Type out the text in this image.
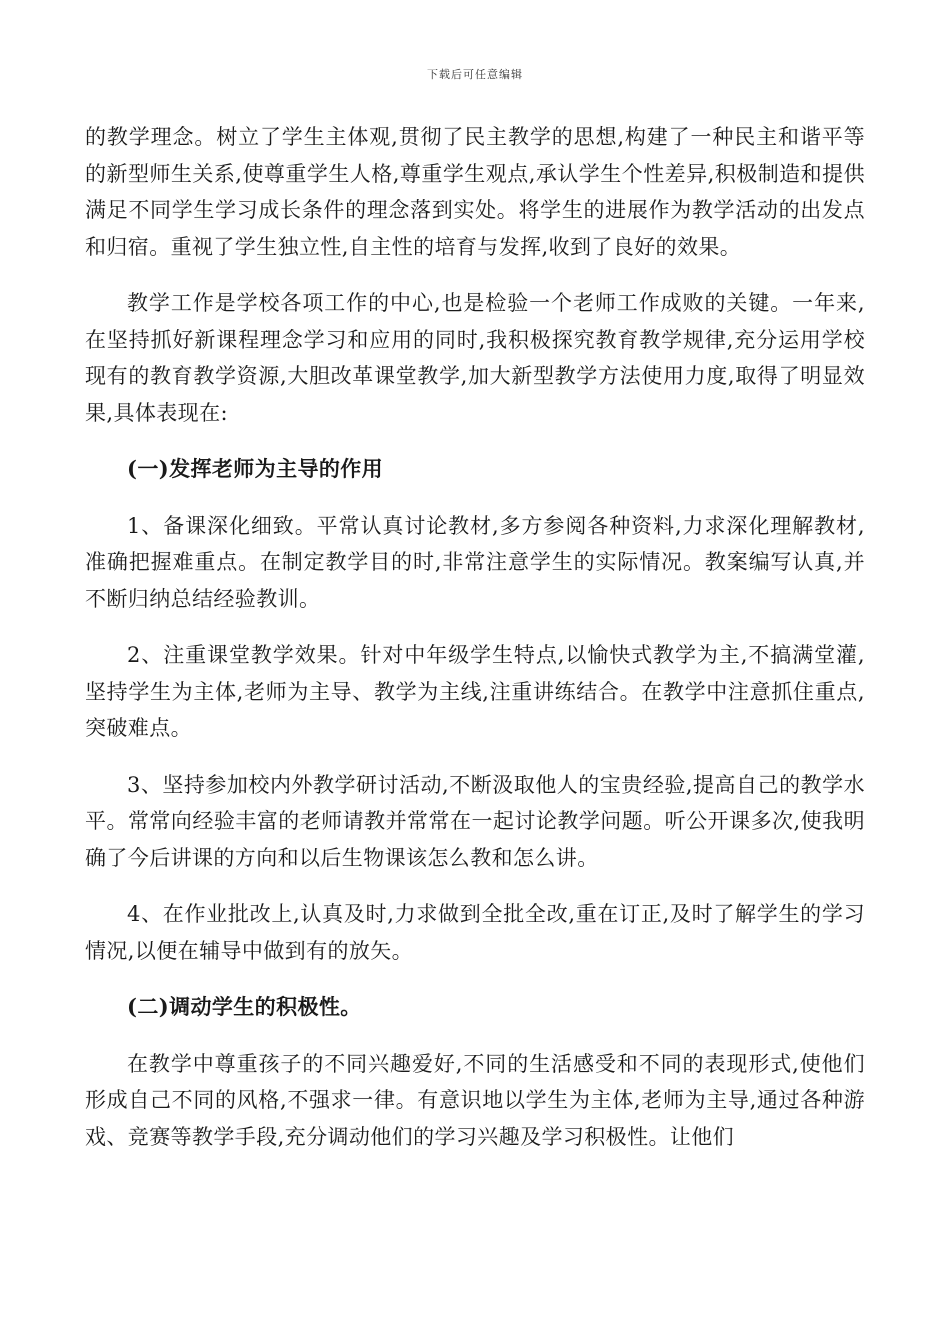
下载后可任意编辑

的教学理念。树立了学生主体观,贯彻了民主教学的思想,构建了一种民主和谐平等的新型师生关系,使尊重学生人格,尊重学生观点,承认学生个性差异,积极制造和提供满足不同学生学习成长条件的理念落到实处。将学生的进展作为教学活动的出发点和归宿。重视了学生独立性,自主性的培育与发挥,收到了良好的效果。

教学工作是学校各项工作的中心,也是检验一个老师工作成败的关键。一年来,在坚持抓好新课程理念学习和应用的同时,我积极探究教育教学规律,充分运用学校现有的教育教学资源,大胆改革课堂教学,加大新型教学方法使用力度,取得了明显效果,具体表现在:

(一)发挥老师为主导的作用

1、备课深化细致。平常认真讨论教材,多方参阅各种资料,力求深化理解教材,准确把握难重点。在制定教学目的时,非常注意学生的实际情况。教案编写认真,并不断归纳总结经验教训。

2、注重课堂教学效果。针对中年级学生特点,以愉快式教学为主,不搞满堂灌,坚持学生为主体,老师为主导、教学为主线,注重讲练结合。在教学中注意抓住重点, 突破难点。

3、坚持参加校内外教学研讨活动,不断汲取他人的宝贵经验,提高自己的教学水平。常常向经验丰富的老师请教并常常在一起讨论教学问题。听公开课多次,使我明确了今后讲课的方向和以后生物课该怎么教和怎么讲。

4、在作业批改上,认真及时,力求做到全批全改,重在订正,及时了解学生的学习情况,以便在辅导中做到有的放矢。

(二)调动学生的积极性。

在教学中尊重孩子的不同兴趣爱好,不同的生活感受和不同的表现形式,使他们形成自己不同的风格,不强求一律。有意识地以学生为主体,老师为主导,通过各种游戏、竞赛等教学手段,充分调动他们的学习兴趣及学习积极性。让他们
